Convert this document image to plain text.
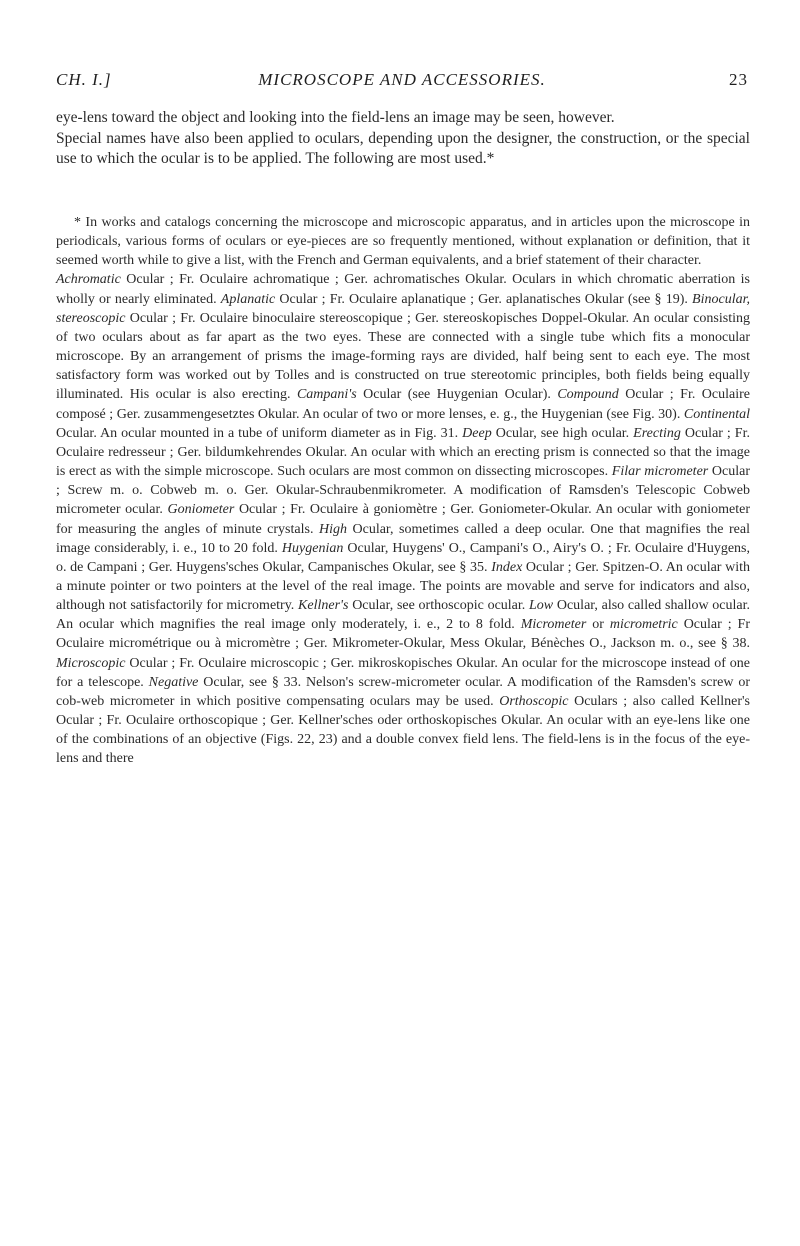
CH. I.]	MICROSCOPE AND ACCESSORIES.	23

eye-lens toward the object and looking into the field-lens an image may be seen, however.

Special names have also been applied to oculars, depending upon the designer, the construction, or the special use to which the ocular is to be applied. The following are most used.*

* In works and catalogs concerning the microscope and microscopic apparatus, and in articles upon the microscope in periodicals, various forms of oculars or eye-pieces are so frequently mentioned, without explanation or definition, that it seemed worth while to give a list, with the French and German equivalents, and a brief statement of their character.

Achromatic Ocular ; Fr. Oculaire achromatique ; Ger. achromatisches Okular. Oculars in which chromatic aberration is wholly or nearly eliminated. Aplanatic Ocular ; Fr. Oculaire aplanatique ; Ger. aplanatisches Okular (see § 19). Binocular, stereoscopic Ocular ; Fr. Oculaire binoculaire stereoscopique ; Ger. stereoskopisches Doppel-Okular. An ocular consisting of two oculars about as far apart as the two eyes. These are connected with a single tube which fits a monocular microscope. By an arrangement of prisms the image-forming rays are divided, half being sent to each eye. The most satisfactory form was worked out by Tolles and is constructed on true stereotomic principles, both fields being equally illuminated. His ocular is also erecting. Campani's Ocular (see Huygenian Ocular). Compound Ocular ; Fr. Oculaire composé ; Ger. zusammengesetztes Okular. An ocular of two or more lenses, e. g., the Huygenian (see Fig. 30). Continental Ocular. An ocular mounted in a tube of uniform diameter as in Fig. 31. Deep Ocular, see high ocular. Erecting Ocular ; Fr. Oculaire redresseur ; Ger. bildumkehrendes Okular. An ocular with which an erecting prism is connected so that the image is erect as with the simple microscope. Such oculars are most common on dissecting microscopes. Filar micrometer Ocular ; Screw m. o. Cobweb m. o. Ger. Okular-Schraubenmikrometer. A modification of Ramsden's Telescopic Cobweb micrometer ocular. Goniometer Ocular ; Fr. Oculaire à goniomètre ; Ger. Goniometer-Okular. An ocular with goniometer for measuring the angles of minute crystals. High Ocular, sometimes called a deep ocular. One that magnifies the real image considerably, i. e., 10 to 20 fold. Huygenian Ocular, Huygens' O., Campani's O., Airy's O. ; Fr. Oculaire d'Huygens, o. de Campani ; Ger. Huygens'sches Okular, Campanisches Okular, see § 35. Index Ocular ; Ger. Spitzen-O. An ocular with a minute pointer or two pointers at the level of the real image. The points are movable and serve for indicators and also, although not satisfactorily for micrometry. Kellner's Ocular, see orthoscopic ocular. Low Ocular, also called shallow ocular. An ocular which magnifies the real image only moderately, i. e., 2 to 8 fold. Micrometer or micrometric Ocular ; Fr Oculaire micrométrique ou à micromètre ; Ger. Mikrometer-Okular, Mess Okular, Bénèches O., Jackson m. o., see § 38. Microscopic Ocular ; Fr. Oculaire microscopic ; Ger. mikroskopisches Okular. An ocular for the microscope instead of one for a telescope. Negative Ocular, see § 33. Nelson's screw-micrometer ocular. A modification of the Ramsden's screw or cob-web micrometer in which positive compensating oculars may be used. Orthoscopic Oculars ; also called Kellner's Ocular ; Fr. Oculaire orthoscopique ; Ger. Kellner'sches oder orthoskopisches Okular. An ocular with an eye-lens like one of the combinations of an objective (Figs. 22, 23) and a double convex field lens. The field-lens is in the focus of the eye-lens and there
